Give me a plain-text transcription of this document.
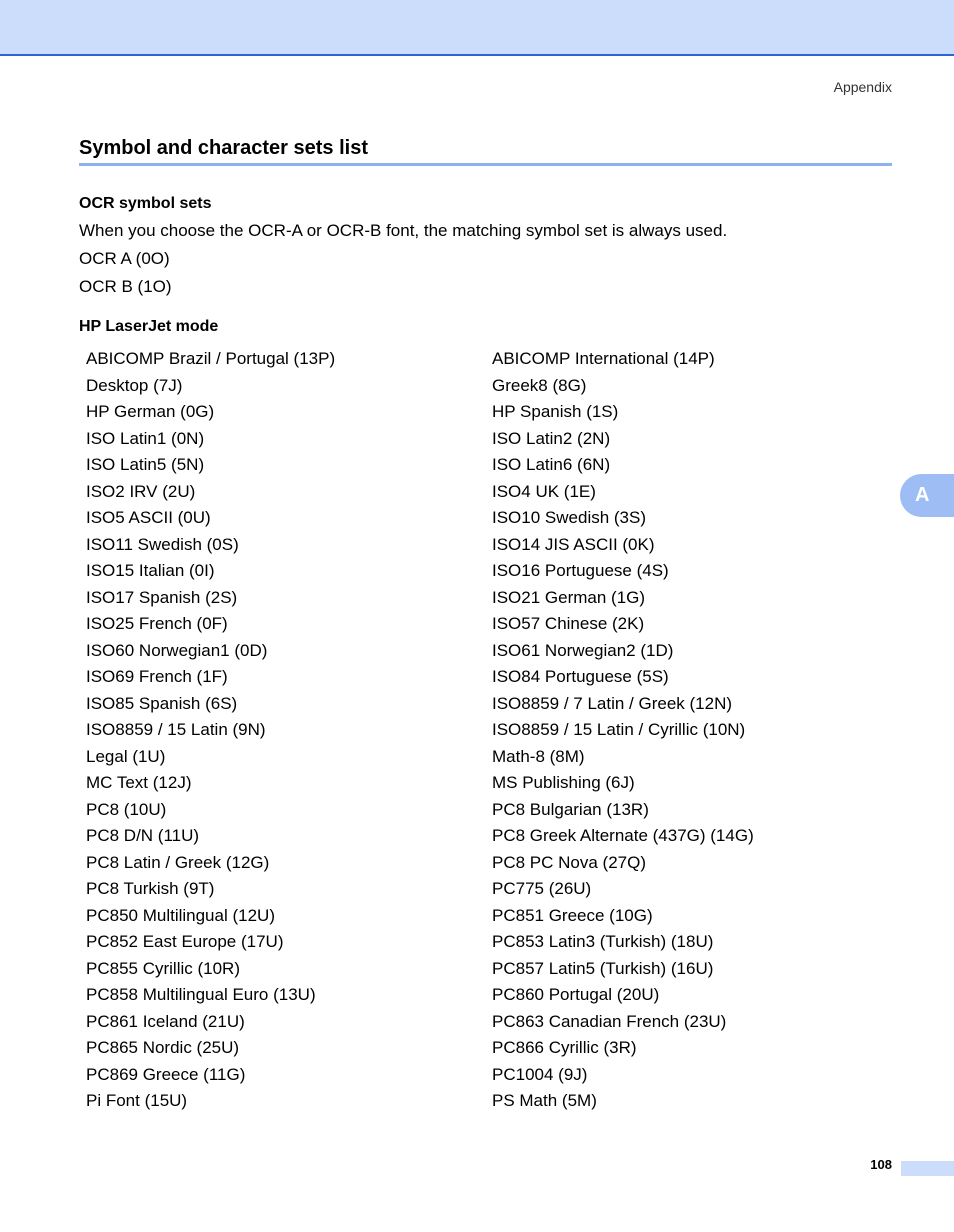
Appendix
Symbol and character sets list
OCR symbol sets

When you choose the OCR-A or OCR-B font, the matching symbol set is always used.

OCR A (0O)

OCR B (1O)

HP LaserJet mode
ABICOMP Brazil / Portugal (13P)	ABICOMP International (14P)
Desktop (7J)	Greek8 (8G)
HP German (0G)	HP Spanish (1S)
ISO Latin1 (0N)	ISO Latin2 (2N)
ISO Latin5 (5N)	ISO Latin6 (6N)
ISO2 IRV (2U)	ISO4 UK (1E)
ISO5 ASCII (0U)	ISO10 Swedish (3S)
ISO11 Swedish (0S)	ISO14 JIS ASCII (0K)
ISO15 Italian (0I)	ISO16 Portuguese (4S)
ISO17 Spanish (2S)	ISO21 German (1G)
ISO25 French (0F)	ISO57 Chinese (2K)
ISO60 Norwegian1 (0D)	ISO61 Norwegian2 (1D)
ISO69 French (1F)	ISO84 Portuguese (5S)
ISO85 Spanish (6S)	ISO8859 / 7 Latin / Greek (12N)
ISO8859 / 15 Latin (9N)	ISO8859 / 15 Latin / Cyrillic (10N)
Legal (1U)	Math-8 (8M)
MC Text (12J)	MS Publishing (6J)
PC8 (10U)	PC8 Bulgarian (13R)
PC8 D/N (11U)	PC8 Greek Alternate (437G) (14G)
PC8 Latin / Greek (12G)	PC8 PC Nova (27Q)
PC8 Turkish (9T)	PC775 (26U)
PC850 Multilingual (12U)	PC851 Greece (10G)
PC852 East Europe (17U)	PC853 Latin3 (Turkish) (18U)
PC855 Cyrillic (10R)	PC857 Latin5 (Turkish) (16U)
PC858 Multilingual Euro (13U)	PC860 Portugal (20U)
PC861 Iceland (21U)	PC863 Canadian French (23U)
PC865 Nordic (25U)	PC866 Cyrillic (3R)
PC869 Greece (11G)	PC1004 (9J)
Pi Font (15U)	PS Math (5M)
A
108
